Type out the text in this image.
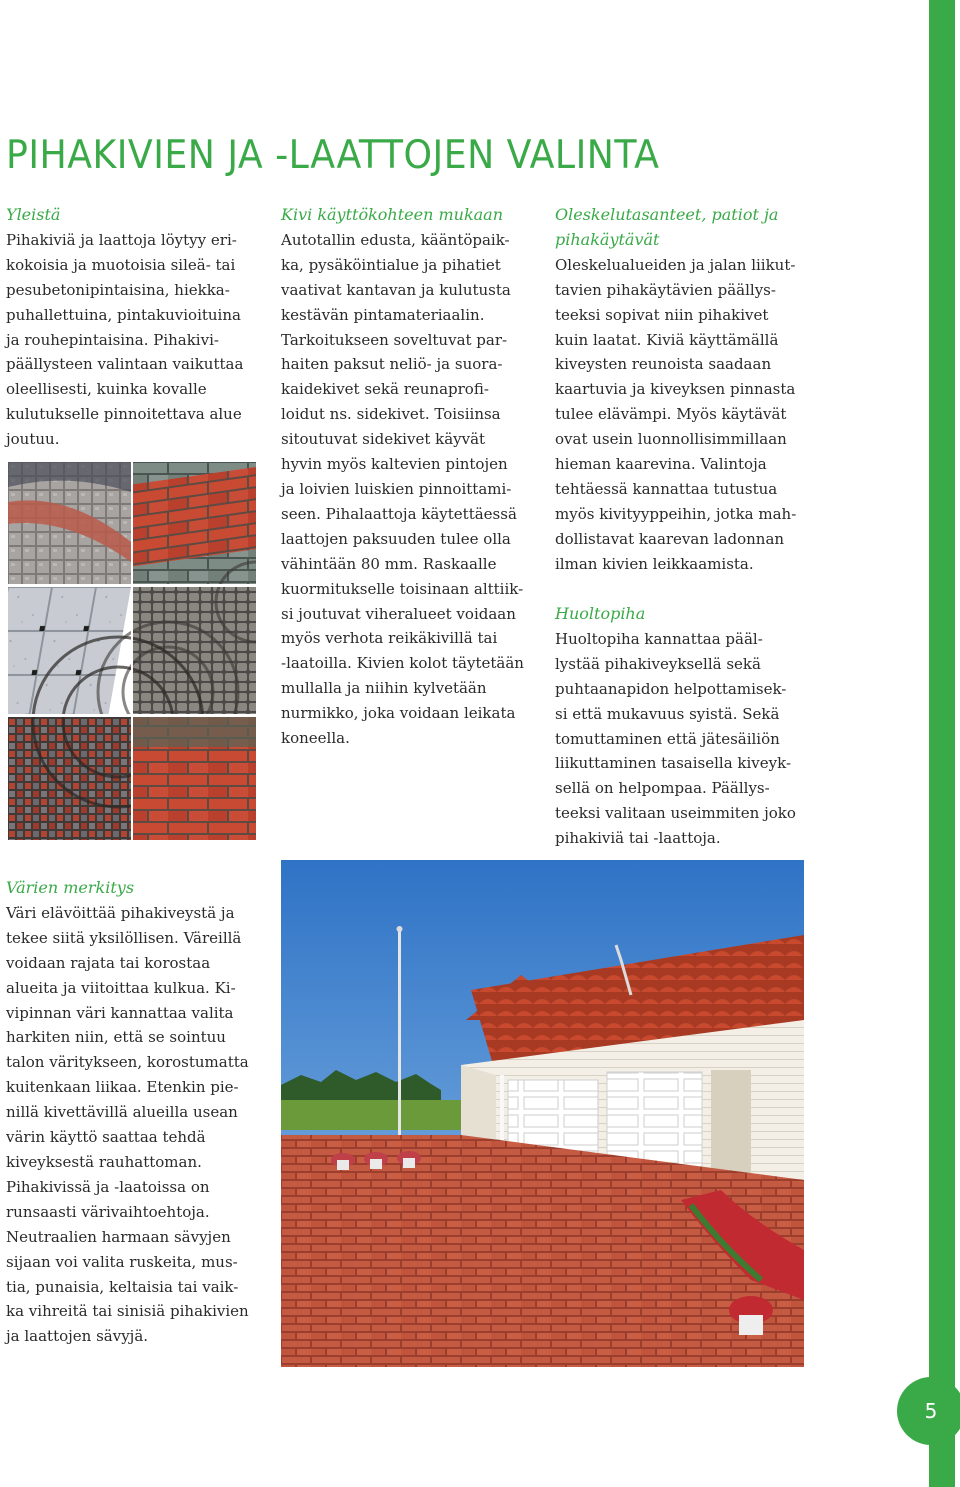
PIHAKIVIEN JA -LAATTOJEN VALINTA
Yleistä

Pihakiviä ja laattoja löytyy eri-
kokoisia ja muotoisia sileä- tai
pesubetonipintaisina, hiekka-
puhallettuina, pintakuvioituina
ja rouhepintaisina. Pihakivi-
päällysteen valintaan vaikuttaa
oleellisesti, kuinka kovalle
kulutukselle pinnoitettava alue
joutuu.

Kivi käyttökohteen mukaan

Autotallin edusta, kääntöpaik-
ka, pysäköintialue ja pihatiet
vaativat kantavan ja kulutusta
kestävän pintamateriaalin.
Tarkoitukseen soveltuvat par-
haiten paksut neliö- ja suora-
kaidekivet sekä reunaprofi-
loidut ns. sidekivet. Toisiinsa
sitoutuvat sidekivet käyvät
hyvin myös kaltevien pintojen
ja loivien luiskien pinnoittami-
seen. Pihalaattoja käytettäessä
laattojen paksuuden tulee olla
vähintään 80 mm. Raskaalle
kuormitukselle toisinaan alttiik-
si joutuvat viheralueet voidaan
myös verhota reikäkivillä tai
-laatoilla. Kivien kolot täytetään
mullalla ja niihin kylvetään
nurmikko, joka voidaan leikata
koneella.

Oleskelutasanteet, patiot ja
pihakäytävät

Oleskelualueiden ja jalan liikut-
tavien pihakäytävien päällys-
teeksi sopivat niin pihakivet
kuin laatat. Kiviä käyttämällä
kiveysten reunoista saadaan
kaartuvia ja kiveyksen pinnasta
tulee elävämpi. Myös käytävät
ovat usein luonnollisimmillaan
hieman kaarevina. Valintoja
tehtäessä kannattaa tutustua
myös kivityyppeihin, jotka mah-
dollistavat kaarevan ladonnan
ilman kivien leikkaamista.

Huoltopiha

Huoltopiha kannattaa pääl-
lystää pihakiveyksellä sekä
puhtaanapidon helpottamisek-
si että mukavuus syistä. Sekä
tomuttaminen että jätesäiliön
liikuttaminen tasaisella kiveyk-
sellä on helpompaa. Päällys-
teeksi valitaan useimmiten joko
pihakiviä tai -laattoja.

Värien merkitys

Väri elävöittää pihakiveystä ja
tekee siitä yksilöllisen. Väreillä
voidaan rajata tai korostaa
alueita ja viitoittaa kulkua. Ki-
vipinnan väri kannattaa valita
harkiten niin, että se sointuu
talon väritykseen, korostumatta
kuitenkaan liikaa. Etenkin pie-
nillä kivettävillä alueilla usean
värin käyttö saattaa tehdä
kiveyksestä rauhattoman.
Pihakivissä ja -laatoissa on
runsaasti värivaihtoehtoja.
Neutraalien harmaan sävyjen
sijaan voi valita ruskeita, mus-
tia, punaisia, keltaisia tai vaik-
ka vihreitä tai sinisiä pihakivien
ja laattojen sävyjä.

5
